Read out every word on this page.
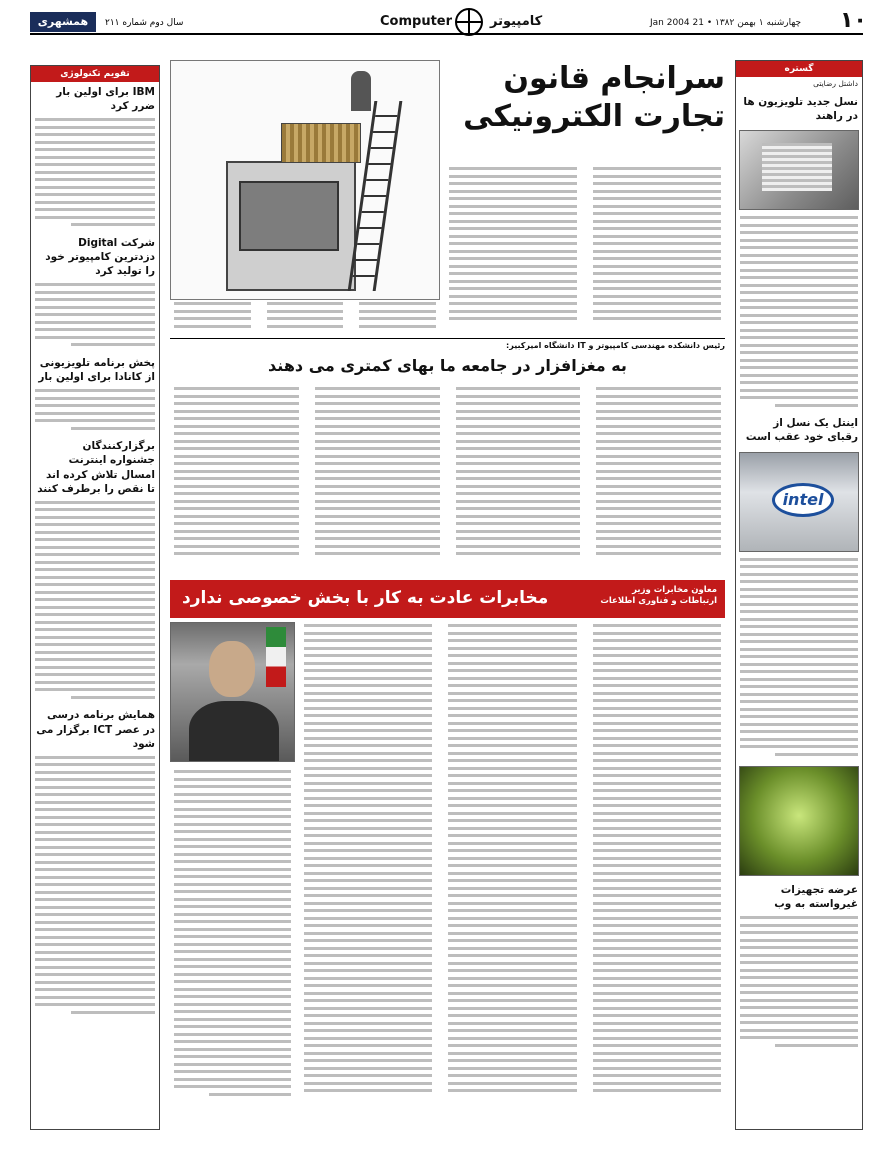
همشهری	سال دوم شماره ۲۱۱	Computer	کامپیوتر	چهارشنبه ۱ بهمن ۱۳۸۲ • 21 Jan 2004 ۱۰
تقویم تکنولوژی
IBM برای اولین بار ضرر کرد
شرکت Digital دزدترین کامپیوتر خود را تولید کرد
پخش برنامه تلویزیونی از کانادا برای اولین بار
برگزارکنندگان جشنواره اینترنت امسال تلاش کرده اند تا نقص را برطرف کنند
همایش برنامه درسی در عصر ICT برگزار می شود
گستره
داشتل رضایتی
نسل جدید تلویزیون ها در راهند
اینتل یک نسل از رقبای خود عقب است
intel
عرضه تجهیزات غیرواسته به وب
سرانجام قانون
تجارت الکترونیکی
رئیس دانشکده مهندسی کامپیوتر و IT دانشگاه امیرکبیر:
به مغزافزار در جامعه ما بهای کمتری می دهند
مخابرات عادت به کار با بخش خصوصی ندارد	معاون مخابرات وزیر ارتباطات و فناوری اطلاعات
